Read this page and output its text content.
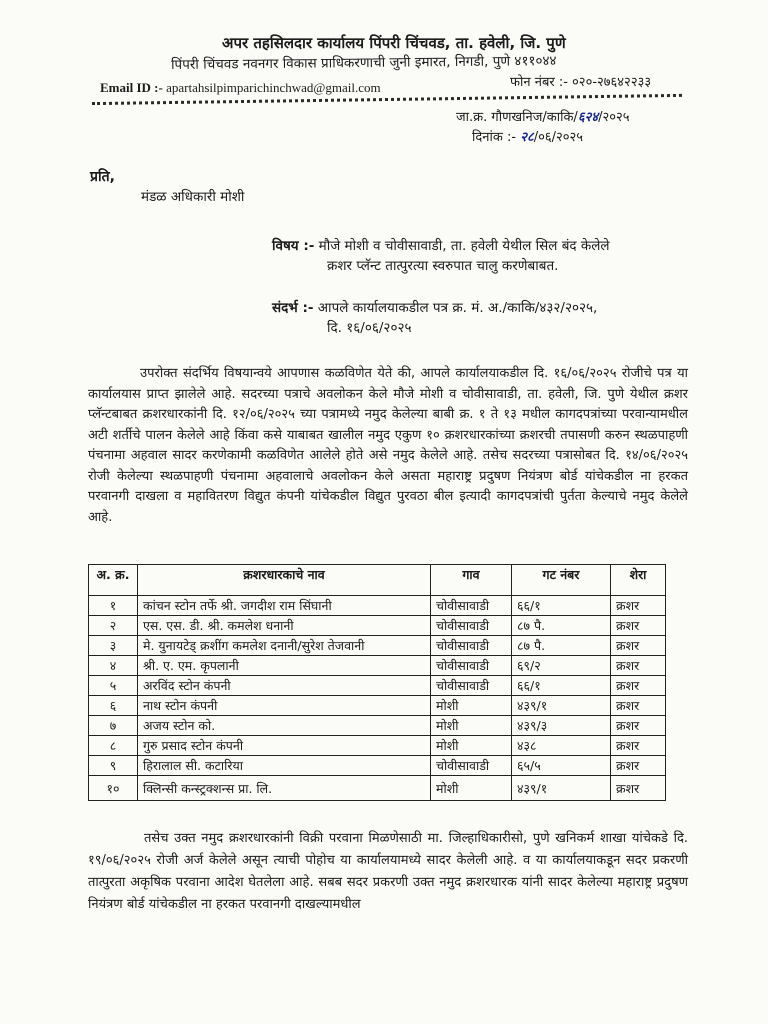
अपर तहसिलदार कार्यालय पिंपरी चिंचवड, ता. हवेली, जि. पुणे
पिंपरी चिंचवड नवनगर विकास प्राधिकरणाची जुनी इमारत, निगडी, पुणे ४११०४४
Email ID :- apartahsilpimparichinchwad@gmail.com	फोन नंबर :- ०२०-२७६४२२३३
जा.क्र. गौणखनिज/काकि/६२४/२०२५
दिनांक :- २८/०६/२०२५
प्रति,
मंडळ अधिकारी मोशी
विषय :- मौजे मोशी व चोवीसावाडी, ता. हवेली येथील सिल बंद केलेले
क्रशर प्लॅन्ट तात्पुरत्या स्वरुपात चालु करणेबाबत.
संदर्भ :- आपले कार्यालयाकडील पत्र क्र. मं. अ./काकि/४३२/२०२५,
दि. १६/०६/२०२५

उपरोक्त संदर्भिय विषयान्वये आपणास कळविणेत येते की, आपले कार्यालयाकडील दि. १६/०६/२०२५ रोजीचे पत्र या कार्यालयास प्राप्त झालेले आहे. सदरच्या पत्राचे अवलोकन केले मौजे मोशी व चोवीसावाडी, ता. हवेली, जि. पुणे येथील क्रशर प्लॅन्टबाबत क्रशरधारकांनी दि. १२/०६/२०२५ च्या पत्रामध्ये नमुद केलेल्या बाबी क्र. १ ते १३ मधील कागदपत्रांच्या परवान्यामधील अटी शर्तीचे पालन केलेले आहे किंवा कसे याबाबत खालील नमुद एकुण १० क्रशरधारकांच्या क्रशरची तपासणी करुन स्थळपाहणी पंचनामा अहवाल सादर करणेकामी कळविणेत आलेले होते असे नमुद केलेले आहे. तसेच सदरच्या पत्रासोबत दि. १४/०६/२०२५ रोजी केलेल्या स्थळपाहणी पंचनामा अहवालाचे अवलोकन केले असता महाराष्ट्र प्रदुषण नियंत्रण बोर्ड यांचेकडील ना हरकत परवानगी दाखला व महावितरण विद्युत कंपनी यांचेकडील विद्युत पुरवठा बील इत्यादी कागदपत्रांची पुर्तता केल्याचे नमुद केलेले आहे.

अ. क्र.	क्रशरधारकाचे नाव	गाव	गट नंबर	शेरा
१	कांचन स्टोन तर्फे श्री. जगदीश राम सिंघानी	चोवीसावाडी	६६/१	क्रशर
२	एस. एस. डी. श्री. कमलेश धनानी	चोवीसावाडी	८७ पै.	क्रशर
३	मे. युनायटेड् क्रशींग कमलेश दनानी/सुरेश तेजवानी	चोवीसावाडी	८७ पै.	क्रशर
४	श्री. ए. एम. कृपलानी	चोवीसावाडी	६९/२	क्रशर
५	अरविंद स्टोन कंपनी	चोवीसावाडी	६६/१	क्रशर
६	नाथ स्टोन कंपनी	मोशी	४३९/१	क्रशर
७	अजय स्टोन को.	मोशी	४३९/३	क्रशर
८	गुरु प्रसाद स्टोन कंपनी	मोशी	४३८	क्रशर
९	हिरालाल सी. कटारिया	चोवीसावाडी	६५/५	क्रशर
१०	क्लिन्सी कन्स्ट्रक्शन्स प्रा. लि.	मोशी	४३९/१	क्रशर

तसेच उक्त नमुद क्रशरधारकांनी विक्री परवाना मिळणेसाठी मा. जिल्हाधिकारीसो, पुणे खनिकर्म शाखा यांचेकडे दि. १९/०६/२०२५ रोजी अर्ज केलेले असून त्याची पोहोच या कार्यालयामध्ये सादर केलेली आहे. व या कार्यालयाकडून सदर प्रकरणी तात्पुरता अकृषिक परवाना आदेश घेतलेला आहे. सबब सदर प्रकरणी उक्त नमुद क्रशरधारक यांनी सादर केलेल्या महाराष्ट्र प्रदुषण नियंत्रण बोर्ड यांचेकडील ना हरकत परवानगी दाखल्यामधील
